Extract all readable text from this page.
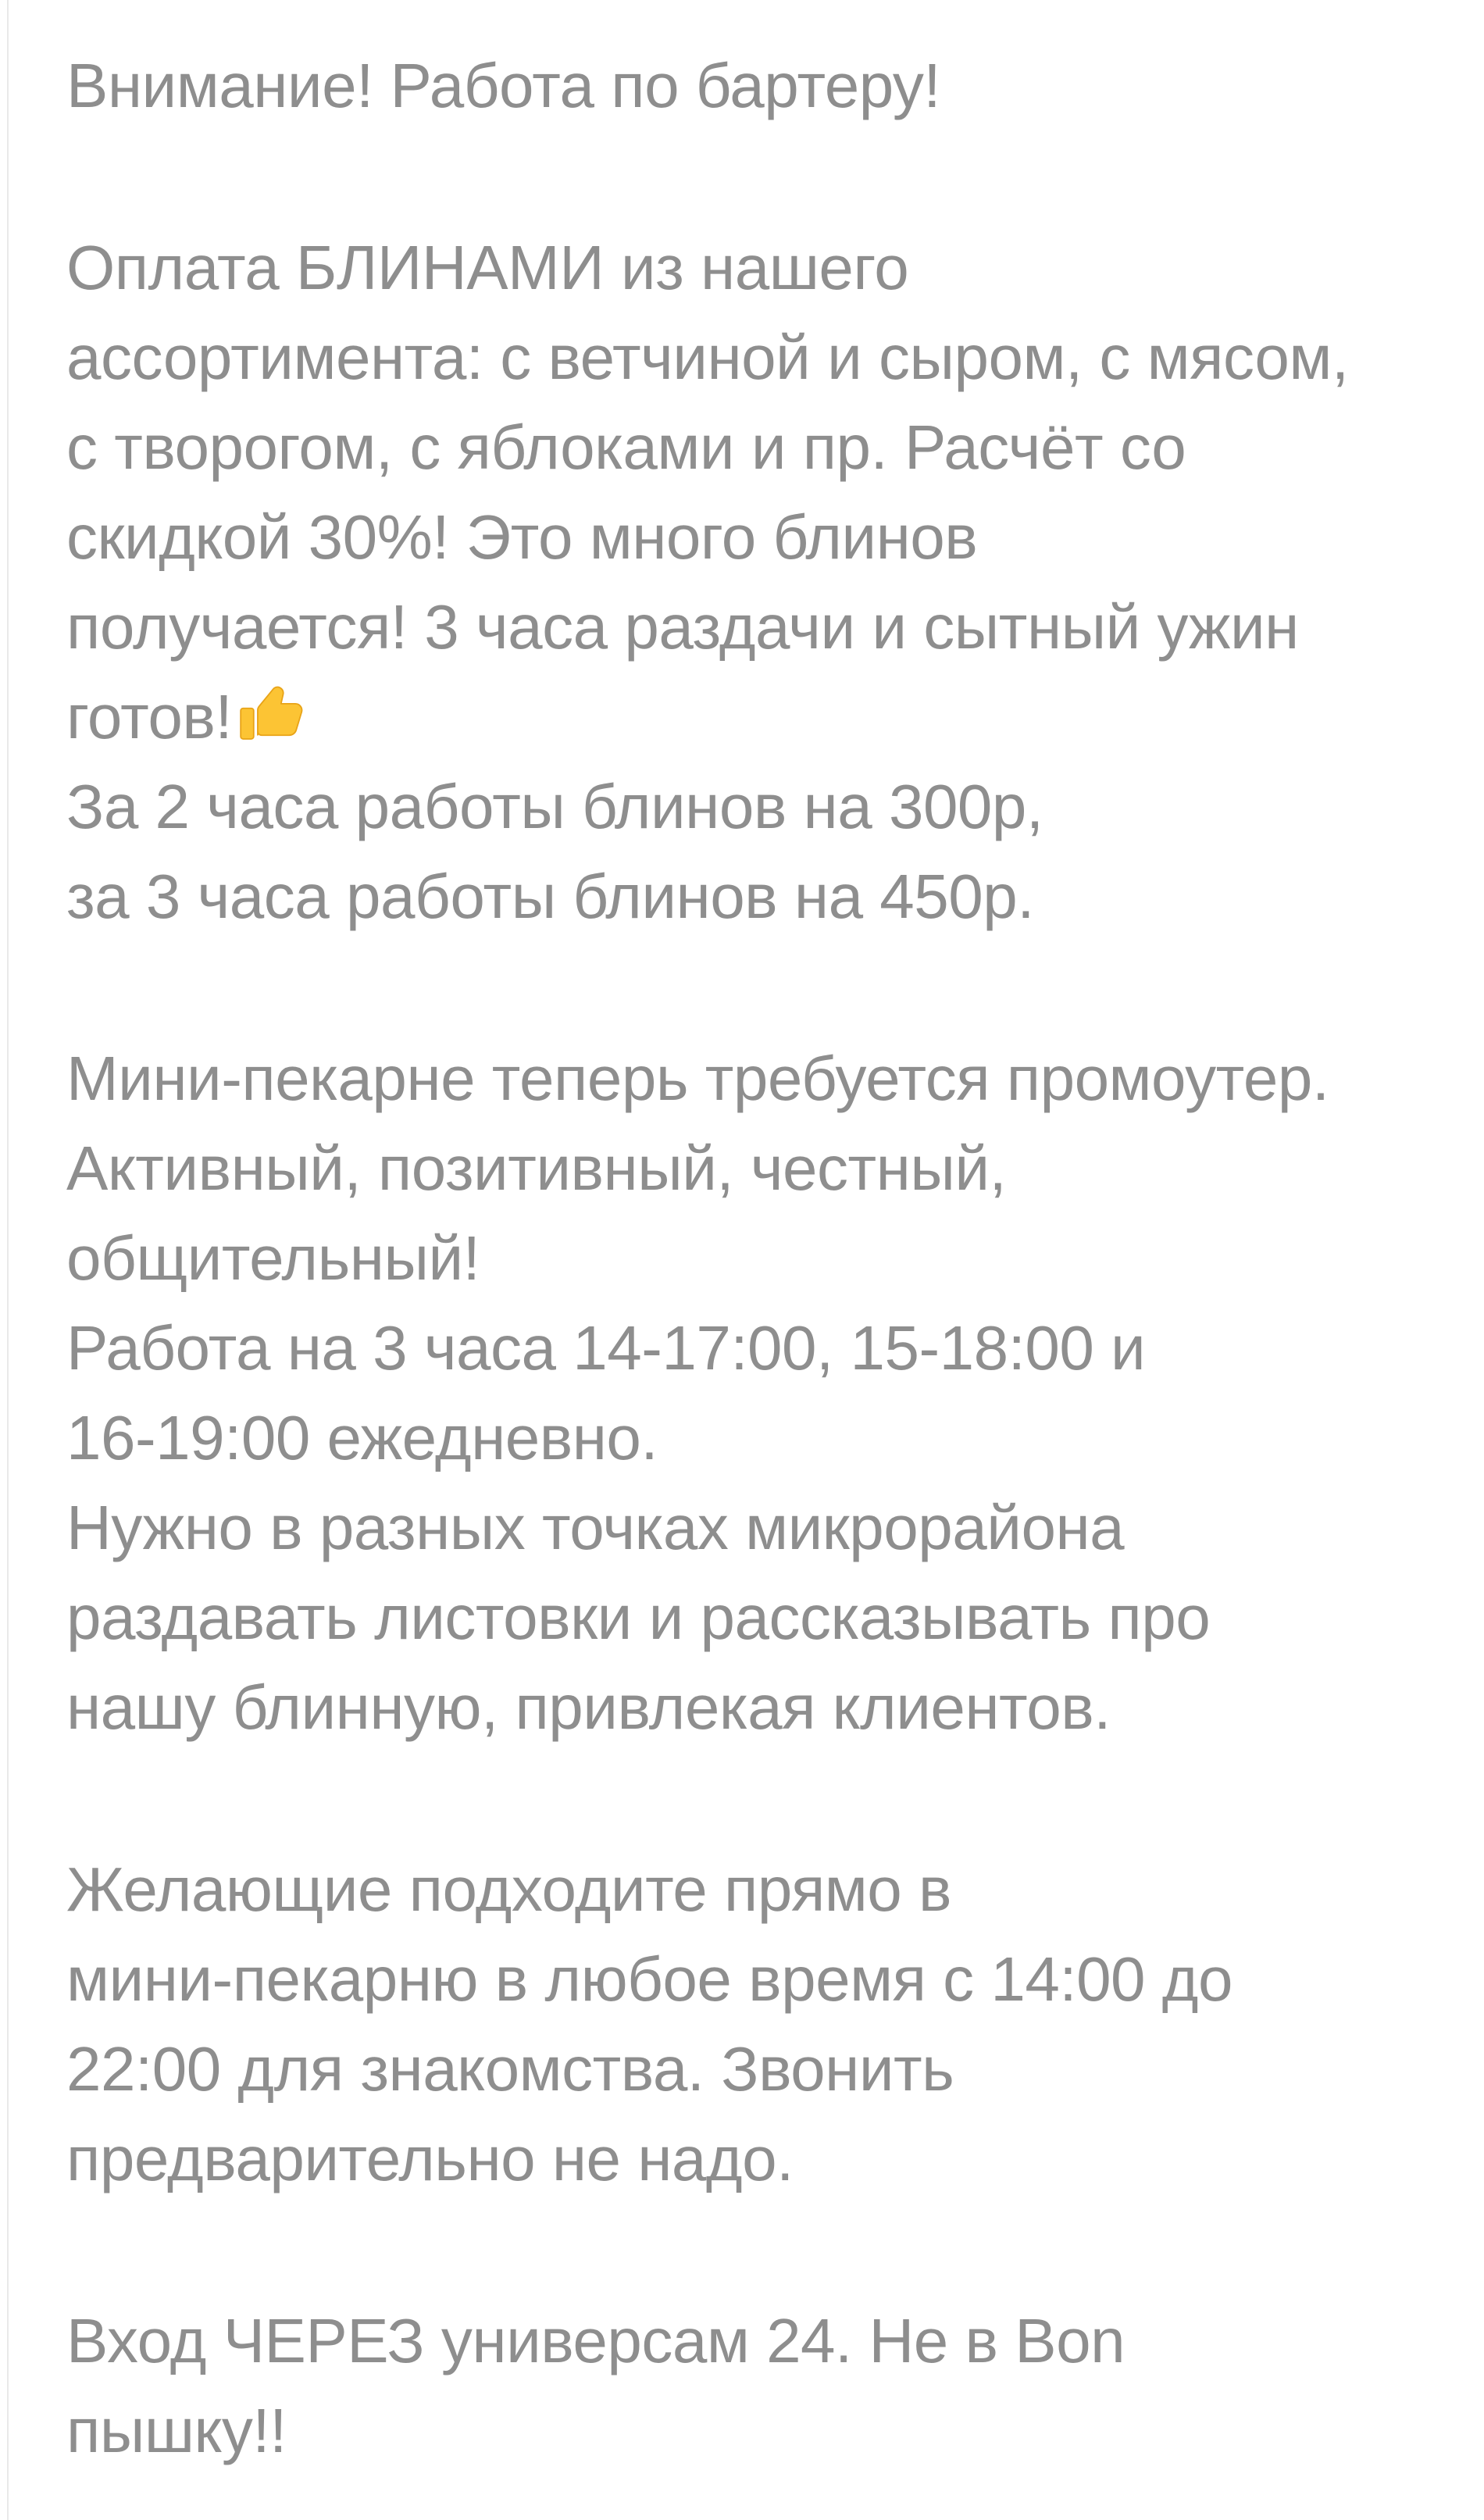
Внимание! Работа по бартеру!
Оплата БЛИНАМИ из нашего
ассортимента: с ветчиной и сыром, с мясом,
с творогом, с яблоками и пр. Расчёт со
скидкой 30%! Это много блинов
получается! 3 часа раздачи и сытный ужин
готов!
За 2 часа работы блинов на 300р,
за 3 часа работы блинов на 450р.
Мини-пекарне теперь требуется промоутер.
Активный, позитивный, честный,
общительный!
Работа на 3 часа 14-17:00, 15-18:00 и
16-19:00 ежедневно.
Нужно в разных точках микрорайона
раздавать листовки и рассказывать про
нашу блинную, привлекая клиентов.
Желающие подходите прямо в
мини-пекарню в любое время с 14:00 до
22:00 для знакомства. Звонить
предварительно не надо.
Вход ЧЕРЕЗ универсам 24. Не в Bon
пышку!!
